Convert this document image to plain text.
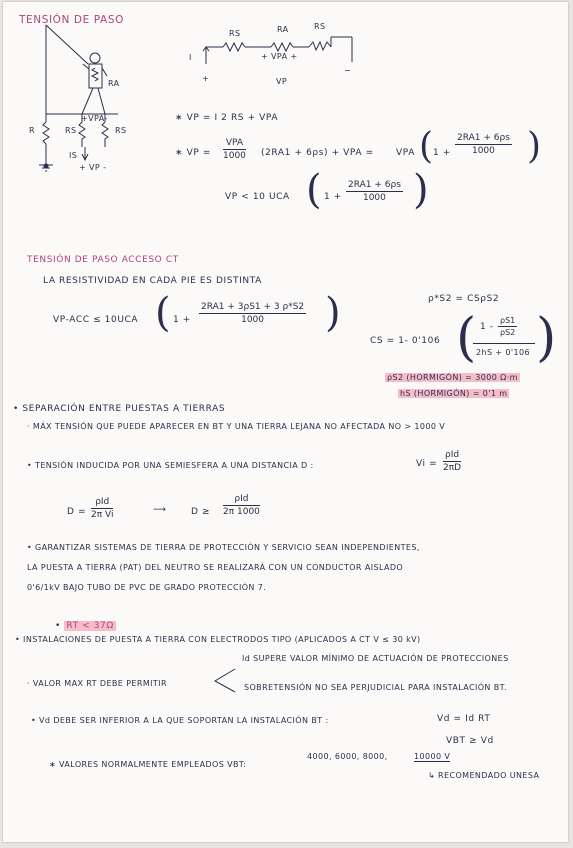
TENSIÓN DE PASO
R
RA
RS	RS
+VPA-
IS
+ VP -
I
+
−
RS	RA	RS
+ VPA +
VP
∗ VP = I 2 RS + VPA
∗ VP =
VPA
1000 (2RA1 + 6ρs) + VPA = VPA ( $1 + \frac{2RA1 + 6\rho s}{1000}$ )
VP < 10 UCA ( $1 + \frac{2RA1 + 6\rho s}{1000}$ )
TENSIÓN DE PASO ACCESO CT
LA RESISTIVIDAD EN CADA PIE ES DISTINTA
VP-ACC ≤ 10UCA ( $1 + \frac{2RA1 + 3\rho S1 + 3 \rho*S2}{1000}$ )	ρ*S2 = CSρS2
CS = 1- 0'106 ( $1 - \frac{\rho S1}{\rho S2}$
2hS + 0'106 )
ρS2 (HORMIGÓN) = 3000 Ω·m
hS (HORMIGÓN) = 0'1 m
• SEPARACIÓN ENTRE PUESTAS A TIERRAS
· MÁX TENSIÓN QUE PUEDE APARECER EN BT Y UNA TIERRA LEJANA NO AFECTADA NO > 1000 V
• TENSIÓN INDUCIDA POR UNA SEMIESFERA A UNA DISTANCIA D :	Vi =
ρId
2πD
D =
ρId
2π Vi	⟶	D ≥
ρId
2π 1000
• GARANTIZAR SISTEMAS DE TIERRA DE PROTECCIÓN Y SERVICIO SEAN INDEPENDIENTES,
LA PUESTA A TIERRA (PAT) DEL NEUTRO SE REALIZARÁ CON UN CONDUCTOR AISLADO
0'6/1kV BAJO TUBO DE PVC DE GRADO PROTECCIÓN 7.
• RT < 37Ω
• INSTALACIONES DE PUESTA A TIERRA CON ELECTRODOS TIPO (APLICADOS A CT V ≤ 30 kV)
· VALOR MAX RT DEBE PERMITIR
Id SUPERE VALOR MÍNIMO DE ACTUACIÓN DE PROTECCIONES
SOBRETENSIÓN NO SEA PERJUDICIAL PARA INSTALACIÓN BT.
• Vd DEBE SER INFERIOR A LA QUE SOPORTAN LA INSTALACIÓN BT :	Vd = Id RT
VBT ≥ Vd
∗ VALORES NORMALMENTE EMPLEADOS VBT:
4000, 6000, 8000,	10000 V
↳ RECOMENDADO UNESA
